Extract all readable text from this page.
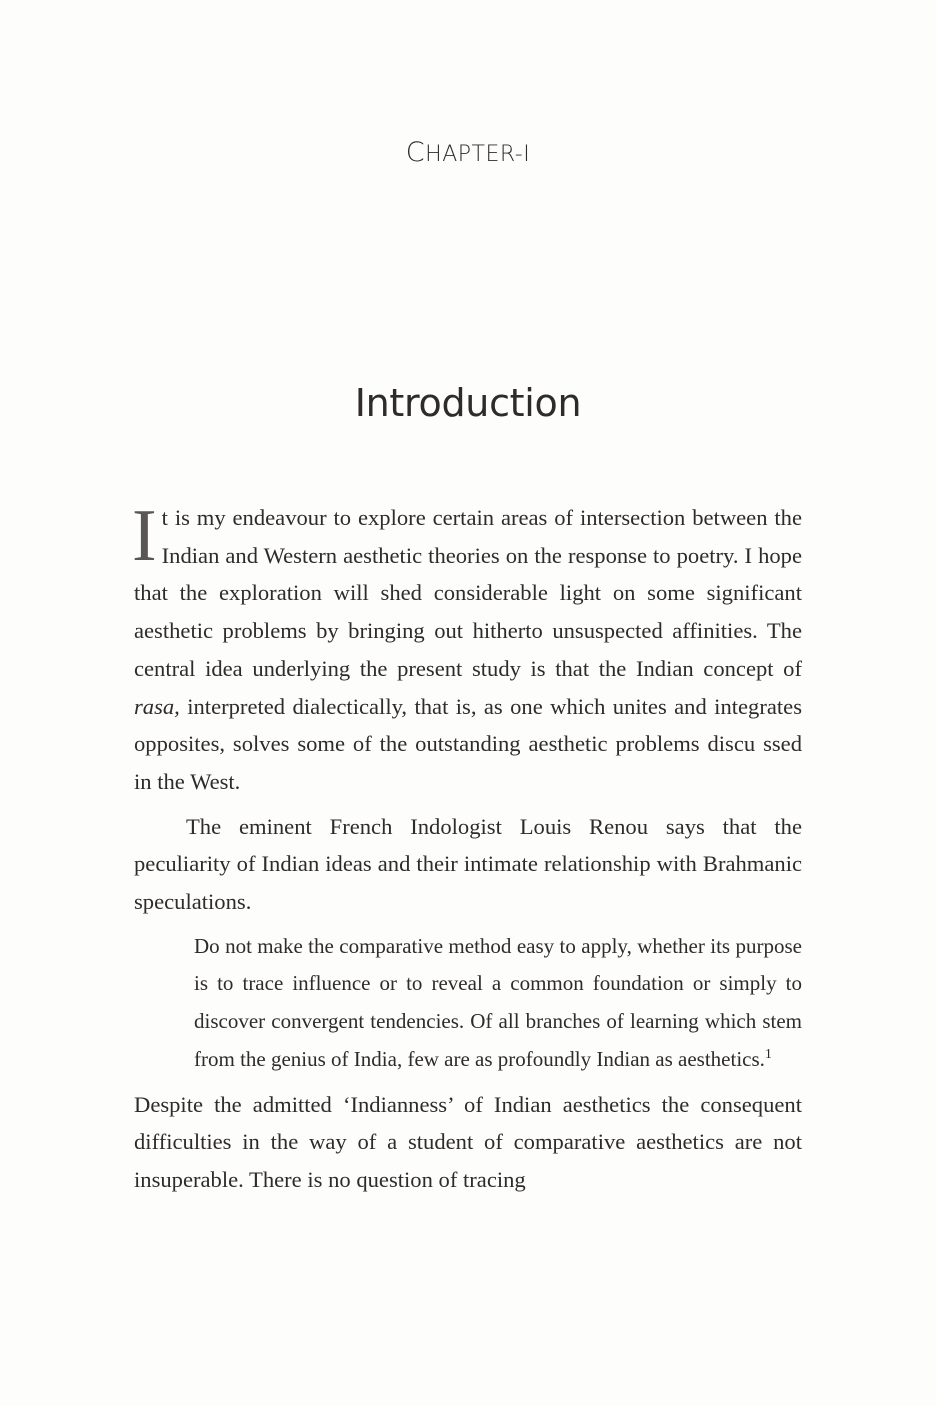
CHAPTER-I
Introduction

It is my endeavour to explore certain areas of intersection between the Indian and Western aesthetic theories on the response to poetry. I hope that the exploration will shed considerable light on some significant aesthetic problems by bringing out hitherto unsuspected affinities. The central idea underlying the present study is that the Indian concept of rasa, interpreted dialectically, that is, as one which unites and integrates opposites, solves some of the outstanding aesthetic problems discu ssed in the West.

The eminent French Indologist Louis Renou says that the peculiarity of Indian ideas and their intimate relationship with Brahmanic speculations.

Do not make the comparative method easy to apply, whether its purpose is to trace influence or to reveal a common foundation or simply to discover convergent tendencies. Of all branches of learning which stem from the genius of India, few are as profoundly Indian as aesthetics.$^1$

Despite the admitted ‘Indianness’ of Indian aesthetics the consequent difficulties in the way of a student of comparative aesthetics are not insuperable. There is no question of tracing
